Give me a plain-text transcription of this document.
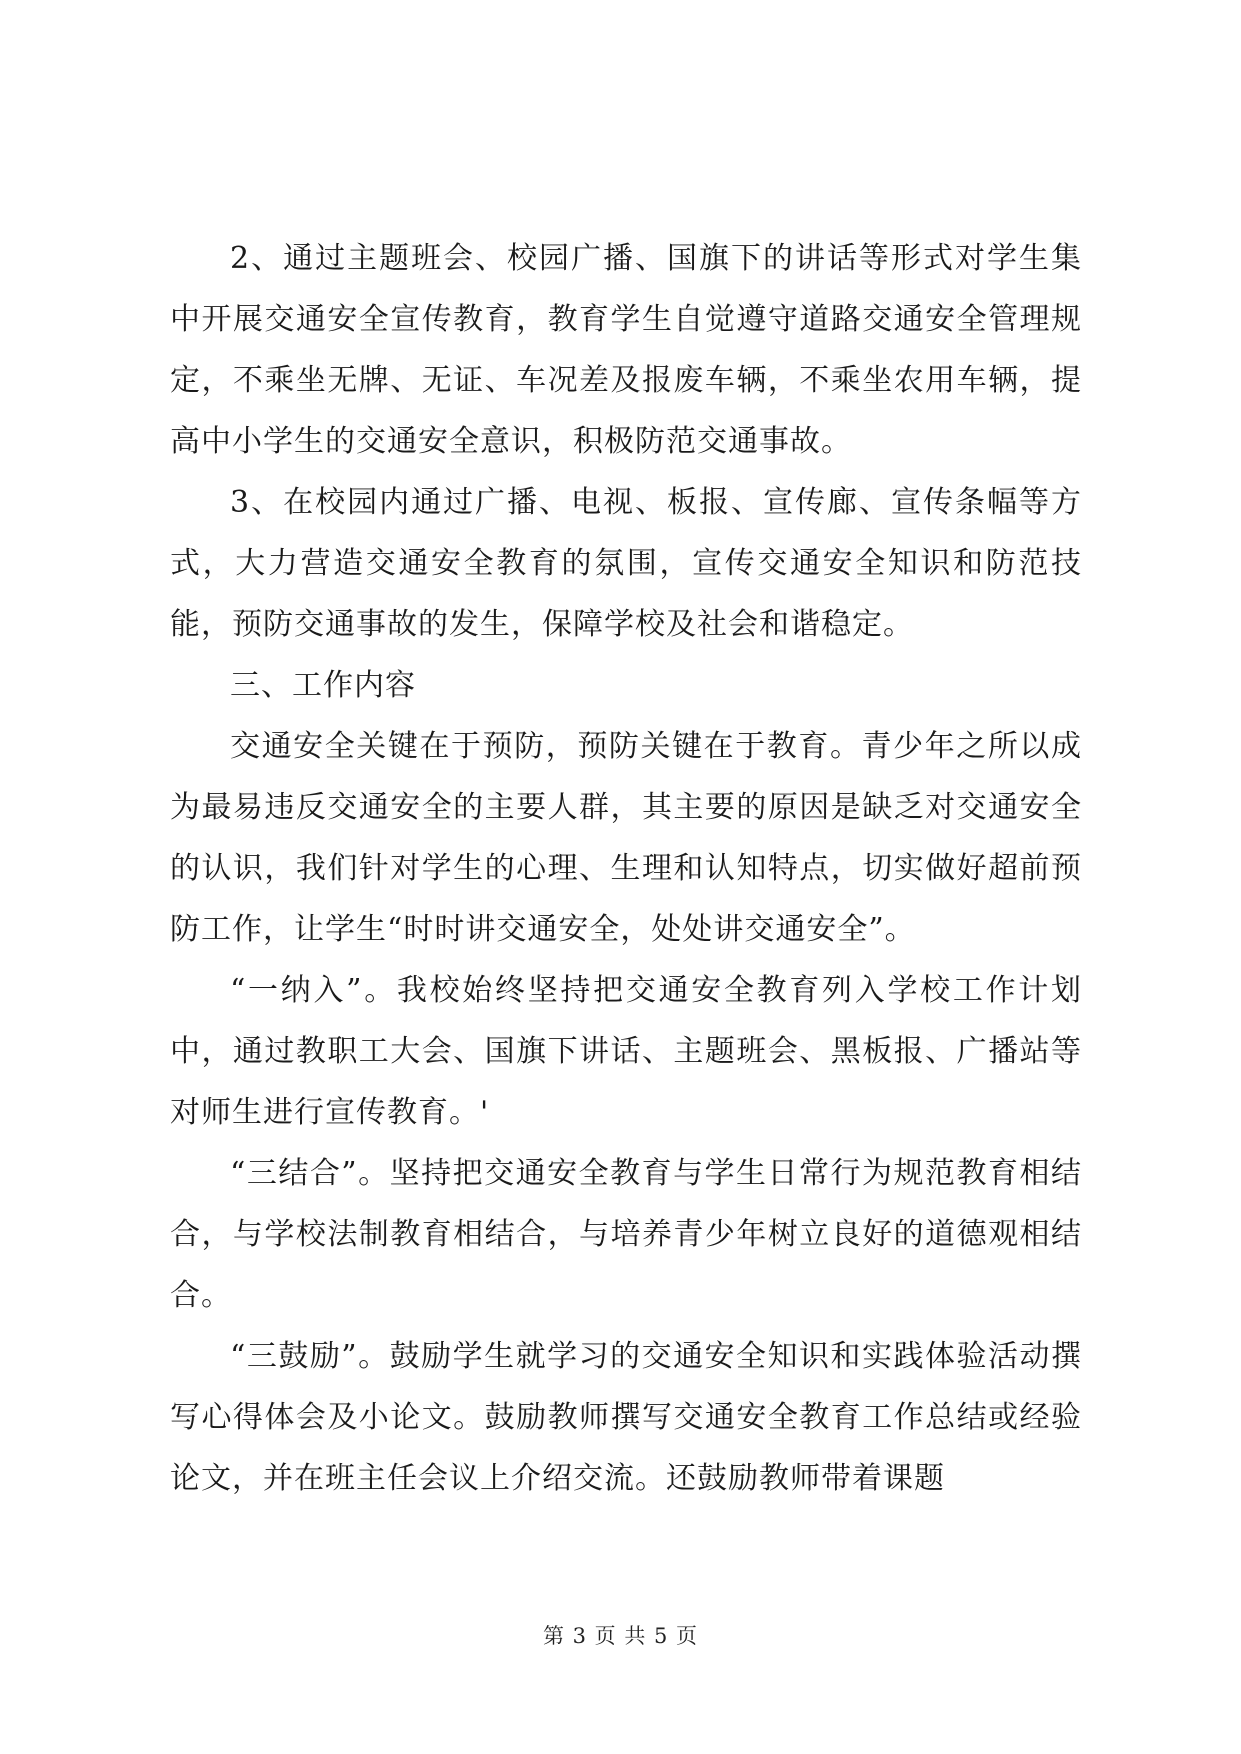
2、通过主题班会、校园广播、国旗下的讲话等形式对学生集中开展交通安全宣传教育，教育学生自觉遵守道路交通安全管理规定，不乘坐无牌、无证、车况差及报废车辆，不乘坐农用车辆，提高中小学生的交通安全意识，积极防范交通事故。

3、在校园内通过广播、电视、板报、宣传廊、宣传条幅等方式，大力营造交通安全教育的氛围，宣传交通安全知识和防范技能，预防交通事故的发生，保障学校及社会和谐稳定。

三、工作内容

交通安全关键在于预防，预防关键在于教育。青少年之所以成为最易违反交通安全的主要人群，其主要的原因是缺乏对交通安全的认识，我们针对学生的心理、生理和认知特点，切实做好超前预防工作，让学生“时时讲交通安全，处处讲交通安全”。

“一纳入”。我校始终坚持把交通安全教育列入学校工作计划中，通过教职工大会、国旗下讲话、主题班会、黑板报、广播站等对师生进行宣传教育。'

“三结合”。坚持把交通安全教育与学生日常行为规范教育相结合，与学校法制教育相结合，与培养青少年树立良好的道德观相结合。

“三鼓励”。鼓励学生就学习的交通安全知识和实践体验活动撰写心得体会及小论文。鼓励教师撰写交通安全教育工作总结或经验论文，并在班主任会议上介绍交流。还鼓励教师带着课题

第 3 页 共 5 页
